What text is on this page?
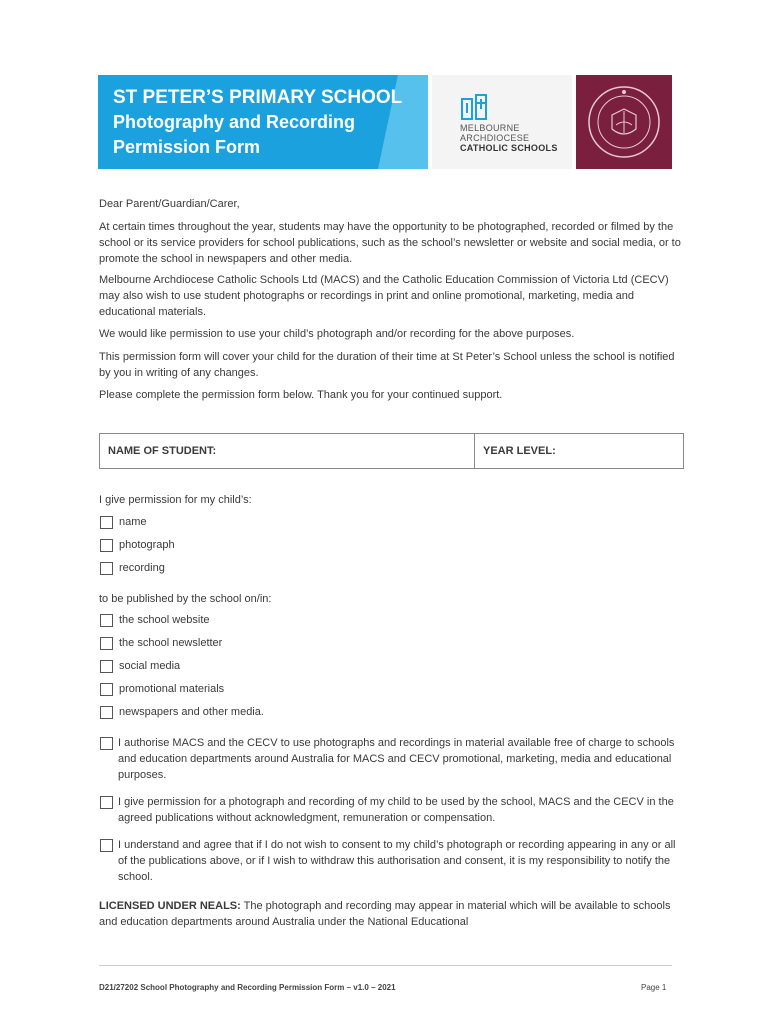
ST PETER’S PRIMARY SCHOOL
Photography and Recording
Permission Form
MELBOURNE
ARCHDIOCESE
CATHOLIC SCHOOLS

Dear Parent/Guardian/Carer,

At certain times throughout the year, students may have the opportunity to be photographed, recorded or filmed by the school or its service providers for school publications, such as the school’s newsletter or website and social media, or to promote the school in newspapers and other media.

Melbourne Archdiocese Catholic Schools Ltd (MACS) and the Catholic Education Commission of Victoria Ltd (CECV) may also wish to use student photographs or recordings in print and online promotional, marketing, media and educational materials.

We would like permission to use your child’s photograph and/or recording for the above purposes.

This permission form will cover your child for the duration of their time at St Peter’s School unless the school is notified by you in writing of any changes.

Please complete the permission form below. Thank you for your continued support.

NAME OF STUDENT:	YEAR LEVEL:

I give permission for my child’s:

name
photograph
recording

to be published by the school on/in:

the school website
the school newsletter
social media
promotional materials
newspapers and other media.
I authorise MACS and the CECV to use photographs and recordings in material available free of charge to schools and education departments around Australia for MACS and CECV promotional, marketing, media and educational purposes.
I give permission for a photograph and recording of my child to be used by the school, MACS and the CECV in the agreed publications without acknowledgment, remuneration or compensation.
I understand and agree that if I do not wish to consent to my child’s photograph or recording appearing in any or all of the publications above, or if I wish to withdraw this authorisation and consent, it is my responsibility to notify the school.

LICENSED UNDER NEALS: The photograph and recording may appear in material which will be available to schools and education departments around Australia under the National Educational

D21/27202 School Photography and Recording Permission Form – v1.0 – 2021	Page 1
